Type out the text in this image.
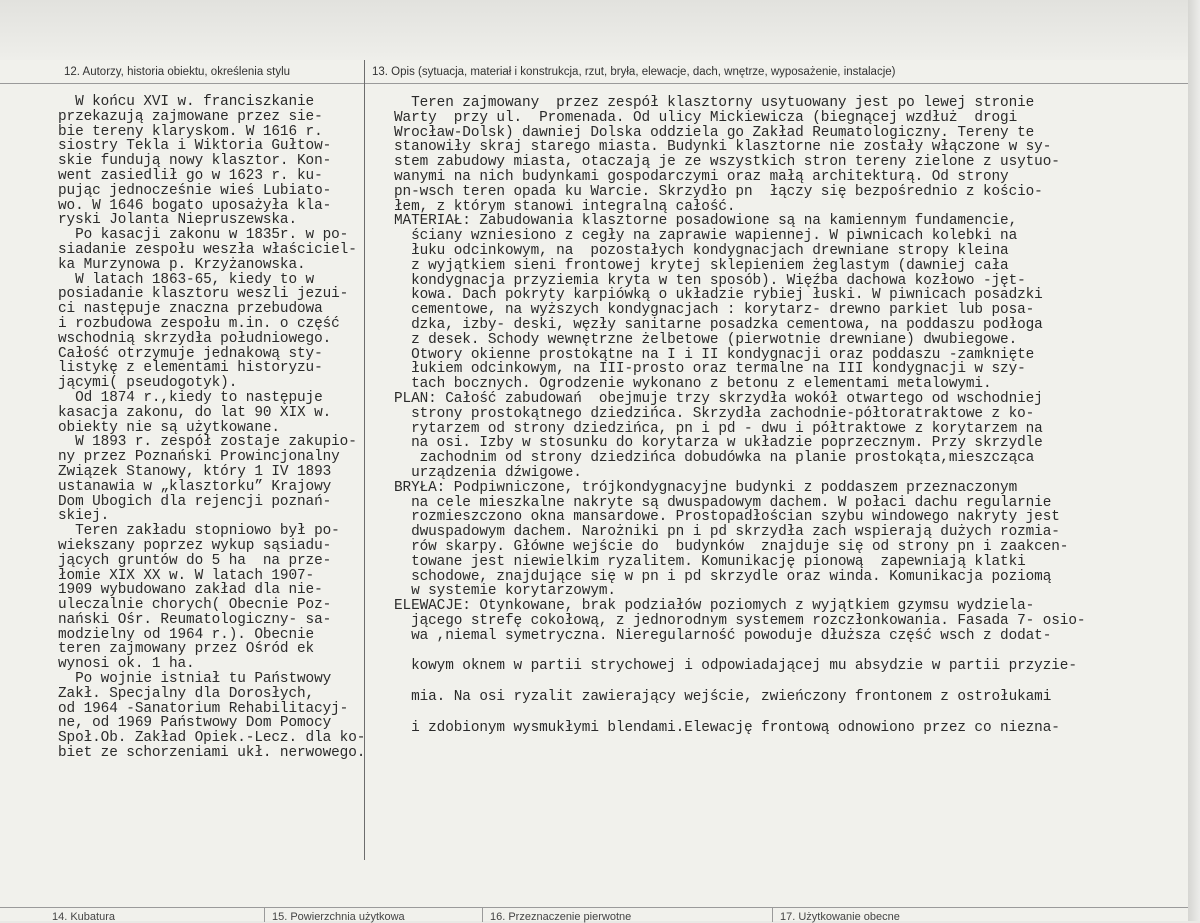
12. Autorzy, historia obiektu, określenia stylu	13. Opis (sytuacja, materiał i konstrukcja, rzut, bryła, elewacje, dach, wnętrze, wyposażenie, instalacje)
W końcu XVI w. franciszkanie
przekazują zajmowane przez sie-
bie tereny klaryskom. W 1616 r.
siostry Tekla i Wiktoria Gułtow-
skie fundują nowy klasztor. Kon-
went zasiedlił go w 1623 r. ku-
pując jednocześnie wieś Lubiato-
wo. W 1646 bogato uposażyła kla-
ryski Jolanta Niepruszewska.
Po kasacji zakonu w 1835r. w po-
siadanie zespołu weszła właściciel-
ka Murzynowa p. Krzyżanowska.
W latach 1863-65, kiedy to w
posiadanie klasztoru weszli jezui-
ci następuje znaczna przebudowa
i rozbudowa zespołu m.in. o część
wschodnią skrzydła południowego.
Całość otrzymuje jednakową sty-
listykę z elementami historyzu-
jącymi( pseudogotyk).
Od 1874 r.,kiedy to następuje
kasacja zakonu, do lat 90 XIX w.
obiekty nie są użytkowane.
W 1893 r. zespół zostaje zakupio-
ny przez Poznański Prowincjonalny
Związek Stanowy, który 1 IV 1893
ustanawia w „klasztorku” Krajowy
Dom Ubogich dla rejencji poznań-
skiej.
Teren zakładu stopniowo był po-
wiekszany poprzez wykup sąsiadu-
jących gruntów do 5 ha  na prze-
łomie XIX XX w. W latach 1907-
1909 wybudowano zakład dla nie-
uleczalnie chorych( Obecnie Poz-
nański Ośr. Reumatologiczny- sa-
modzielny od 1964 r.). Obecnie
teren zajmowany przez Ośród ek
wynosi ok. 1 ha.
Po wojnie istniał tu Państwowy
Zakł. Specjalny dla Dorosłych,
od 1964 -Sanatorium Rehabilitacyj-
ne, od 1969 Państwowy Dom Pomocy
Społ.Ob. Zakład Opiek.-Lecz. dla ko-
biet ze schorzeniami ukł. nerwowego.
Teren zajmowany  przez zespół klasztorny usytuowany jest po lewej stronie
Warty  przy ul.  Promenada. Od ulicy Mickiewicza (biegnącej wzdłuż  drogi
Wrocław-Dolsk) dawniej Dolska oddziela go Zakład Reumatologiczny. Tereny te
stanowiły skraj starego miasta. Budynki klasztorne nie zostały włączone w sy-
stem zabudowy miasta, otaczają je ze wszystkich stron tereny zielone z usytuo-
wanymi na nich budynkami gospodarczymi oraz małą architekturą. Od strony
pn-wsch teren opada ku Warcie. Skrzydło pn  łączy się bezpośrednio z kościo-
łem, z którym stanowi integralną całość.
MATERIAŁ: Zabudowania klasztorne posadowione są na kamiennym fundamencie,
ściany wzniesiono z cegły na zaprawie wapiennej. W piwnicach kolebki na
łuku odcinkowym, na  pozostałych kondygnacjach drewniane stropy kleina
z wyjątkiem sieni frontowej krytej sklepieniem żeglastym (dawniej cała
kondygnacja przyziemia kryta w ten sposób). Więźba dachowa kozłowo -jęt-
kowa. Dach pokryty karpiówką o układzie rybiej łuski. W piwnicach posadzki
cementowe, na wyższych kondygnacjach : korytarz- drewno parkiet lub posa-
dzka, izby- deski, węzły sanitarne posadzka cementowa, na poddaszu podłoga
z desek. Schody wewnętrzne żelbetowe (pierwotnie drewniane) dwubiegowe.
Otwory okienne prostokątne na I i II kondygnacji oraz poddaszu -zamknięte
łukiem odcinkowym, na III-prosto oraz termalne na III kondygnacji w szy-
tach bocznych. Ogrodzenie wykonano z betonu z elementami metalowymi.
PLAN: Całość zabudowań  obejmuje trzy skrzydła wokół otwartego od wschodniej
strony prostokątnego dziedzińca. Skrzydła zachodnie-półtoratraktowe z ko-
rytarzem od strony dziedzińca, pn i pd - dwu i półtraktowe z korytarzem na
na osi. Izby w stosunku do korytarza w układzie poprzecznym. Przy skrzydle
zachodnim od strony dziedzińca dobudówka na planie prostokąta,mieszcząca
urządzenia dźwigowe.
BRYŁA: Podpiwniczone, trójkondygnacyjne budynki z poddaszem przeznaczonym
na cele mieszkalne nakryte są dwuspadowym dachem. W połaci dachu regularnie
rozmieszczono okna mansardowe. Prostopadłościan szybu windowego nakryty jest
dwuspadowym dachem. Narożniki pn i pd skrzydła zach wspierają dużych rozmia-
rów skarpy. Główne wejście do  budynków  znajduje się od strony pn i zaakcen-
towane jest niewielkim ryzalitem. Komunikację pionową  zapewniają klatki
schodowe, znajdujące się w pn i pd skrzydle oraz winda. Komunikacja poziomą
w systemie korytarzowym.
ELEWACJE: Otynkowane, brak podziałów poziomych z wyjątkiem gzymsu wydziela-
jącego strefę cokołową, z jednorodnym systemem rozczłonkowania. Fasada 7- osio-
wa ,niemal symetryczna. Nieregularność powoduje dłuższa część wsch z dodat-
kowym oknem w partii strychowej i odpowiadającej mu absydzie w partii przyzie-
mia. Na osi ryzalit zawierający wejście, zwieńczony frontonem z ostrołukami
i zdobionym wysmukłymi blendami.Elewację frontową odnowiono przez co niezna-
14. Kubatura	15. Powierzchnia użytkowa	16. Przeznaczenie pierwotne	17. Użytkowanie obecne
